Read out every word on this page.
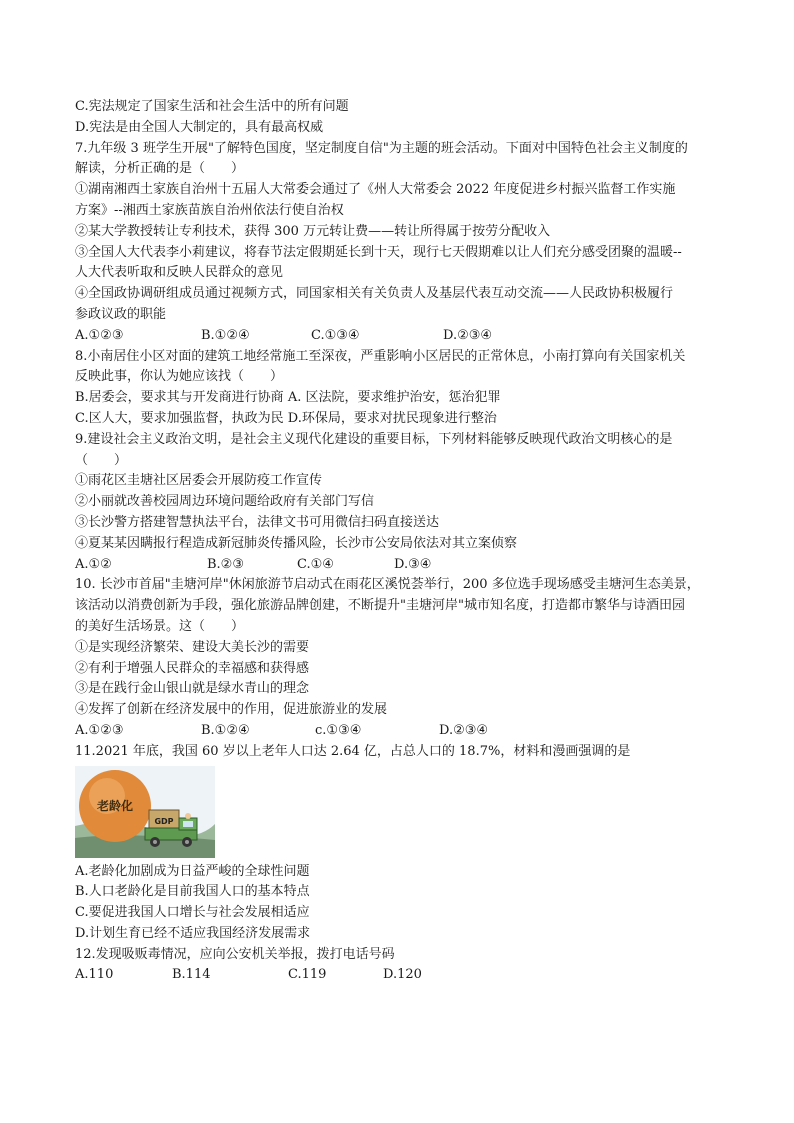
C.宪法规定了国家生活和社会生活中的所有问题
D.宪法是由全国人大制定的，具有最高权威
7.九年级 3 班学生开展"了解特色国度，坚定制度自信"为主题的班会活动。下面对中国特色社会主义制度的
解读，分析正确的是（　　）
①湖南湘西土家族自治州十五届人大常委会通过了《州人大常委会 2022 年度促进乡村振兴监督工作实施
方案》--湘西土家族苗族自治州依法行使自治权
②某大学教授转让专利技术，获得 300 万元转让费——转让所得属于按劳分配收入
③全国人大代表李小莉建议，将春节法定假期延长到十天，现行七天假期难以让人们充分感受团聚的温暖--
人大代表听取和反映人民群众的意见
④全国政协调研组成员通过视频方式，同国家相关有关负责人及基层代表互动交流——人民政协积极履行
参政议政的职能
A.①②③	B.①②④	C.①③④	D.②③④
8.小南居住小区对面的建筑工地经常施工至深夜，严重影响小区居民的正常休息，小南打算向有关国家机关
反映此事，你认为她应该找（　　）
B.居委会，要求其与开发商进行协商 A. 区法院，要求维护治安，惩治犯罪
C.区人大，要求加强监督，执政为民 D.环保局，要求对扰民现象进行整治
9.建设社会主义政治文明，是社会主义现代化建设的重要目标，下列材料能够反映现代政治文明核心的是
（　　）
①雨花区圭塘社区居委会开展防疫工作宣传
②小丽就改善校园周边环境问题给政府有关部门写信
③长沙警方搭建智慧执法平台，法律文书可用微信扫码直接送达
④夏某某因瞒报行程造成新冠肺炎传播风险，长沙市公安局依法对其立案侦察
A.①②	B.②③	C.①④	D.③④
10. 长沙市首届"圭塘河岸"休闲旅游节启动式在雨花区溪悦荟举行，200 多位选手现场感受圭塘河生态美景，
该活动以消费创新为手段，强化旅游品牌创建，不断提升"圭塘河岸"城市知名度，打造都市繁华与诗酒田园
的美好生活场景。这（　　）
①是实现经济繁荣、建设大美长沙的需要
②有利于增强人民群众的幸福感和获得感
③是在践行金山银山就是绿水青山的理念
④发挥了创新在经济发展中的作用，促进旅游业的发展
A.①②③	B.①②④	c.①③④	D.②③④
11.2021 年底，我国 60 岁以上老年人口达 2.64 亿，占总人口的 18.7%，材料和漫画强调的是
老龄化
GDP
A.老龄化加剧成为日益严峻的全球性问题
B.人口老龄化是目前我国人口的基本特点
C.要促进我国人口增长与社会发展相适应
D.计划生育已经不适应我国经济发展需求
12.发现吸贩毒情况，应向公安机关举报，拨打电话号码
A.110	B.114	C.119	D.120
